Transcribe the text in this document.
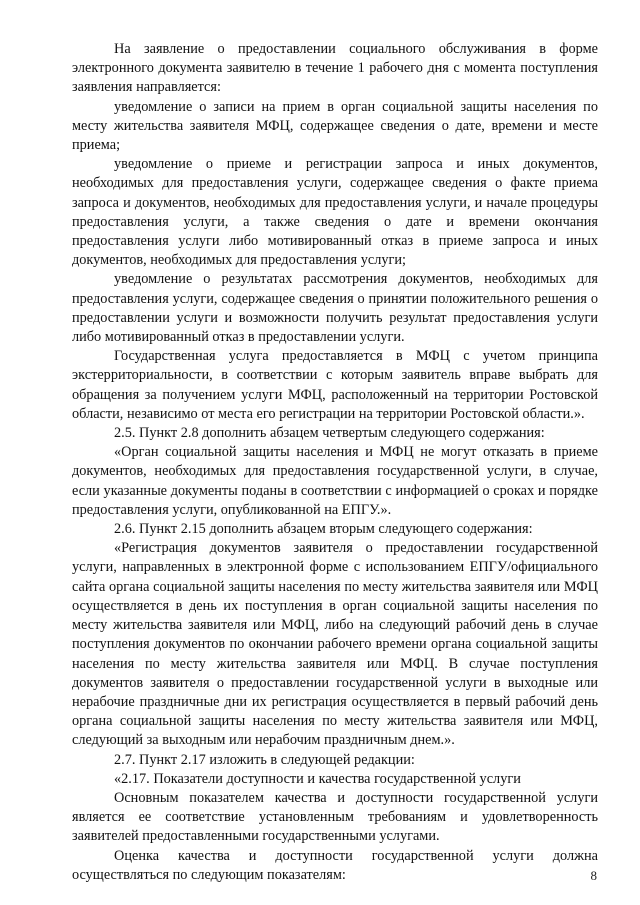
На заявление о предоставлении социального обслуживания в форме электронного документа заявителю в течение 1 рабочего дня с момента поступления заявления направляется:

уведомление о записи на прием в орган социальной защиты населения по месту жительства заявителя МФЦ, содержащее сведения о дате, времени и месте приема;

уведомление о приеме и регистрации запроса и иных документов, необходимых для предоставления услуги, содержащее сведения о факте приема запроса и документов, необходимых для предоставления услуги, и начале процедуры предоставления услуги, а также сведения о дате и времени окончания предоставления услуги либо мотивированный отказ в приеме запроса и иных документов, необходимых для предоставления услуги;

уведомление о результатах рассмотрения документов, необходимых для предоставления услуги, содержащее сведения о принятии положительного решения о предоставлении услуги и возможности получить результат предоставления услуги либо мотивированный отказ в предоставлении услуги.

Государственная услуга предоставляется в МФЦ с учетом принципа экстерриториальности, в соответствии с которым заявитель вправе выбрать для обращения за получением услуги МФЦ, расположенный на территории Ростовской области, независимо от места его регистрации на территории Ростовской области.».

2.5. Пункт 2.8 дополнить абзацем четвертым следующего содержания:

«Орган социальной защиты населения и МФЦ не могут отказать в приеме документов, необходимых для предоставления государственной услуги, в случае, если указанные документы поданы в соответствии с информацией о сроках и порядке предоставления услуги, опубликованной на ЕПГУ.».

2.6. Пункт 2.15 дополнить абзацем вторым следующего содержания:

«Регистрация документов заявителя о предоставлении государственной услуги, направленных в электронной форме с использованием ЕПГУ/официального сайта органа социальной защиты населения по месту жительства заявителя или МФЦ осуществляется в день их поступления в орган социальной защиты населения по месту жительства заявителя или МФЦ, либо на следующий рабочий день в случае поступления документов по окончании рабочего времени органа социальной защиты населения по месту жительства заявителя или МФЦ. В случае поступления документов заявителя о предоставлении государственной услуги в выходные или нерабочие праздничные дни их регистрация осуществляется в первый рабочий день органа социальной защиты населения по месту жительства заявителя или МФЦ, следующий за выходным или нерабочим праздничным днем.».

2.7. Пункт 2.17 изложить в следующей редакции:

«2.17. Показатели доступности и качества государственной услуги

Основным показателем качества и доступности государственной услуги является ее соответствие установленным требованиям и удовлетворенность заявителей предоставленными государственными услугами.

Оценка качества и доступности государственной услуги должна осуществляться по следующим показателям:	8
